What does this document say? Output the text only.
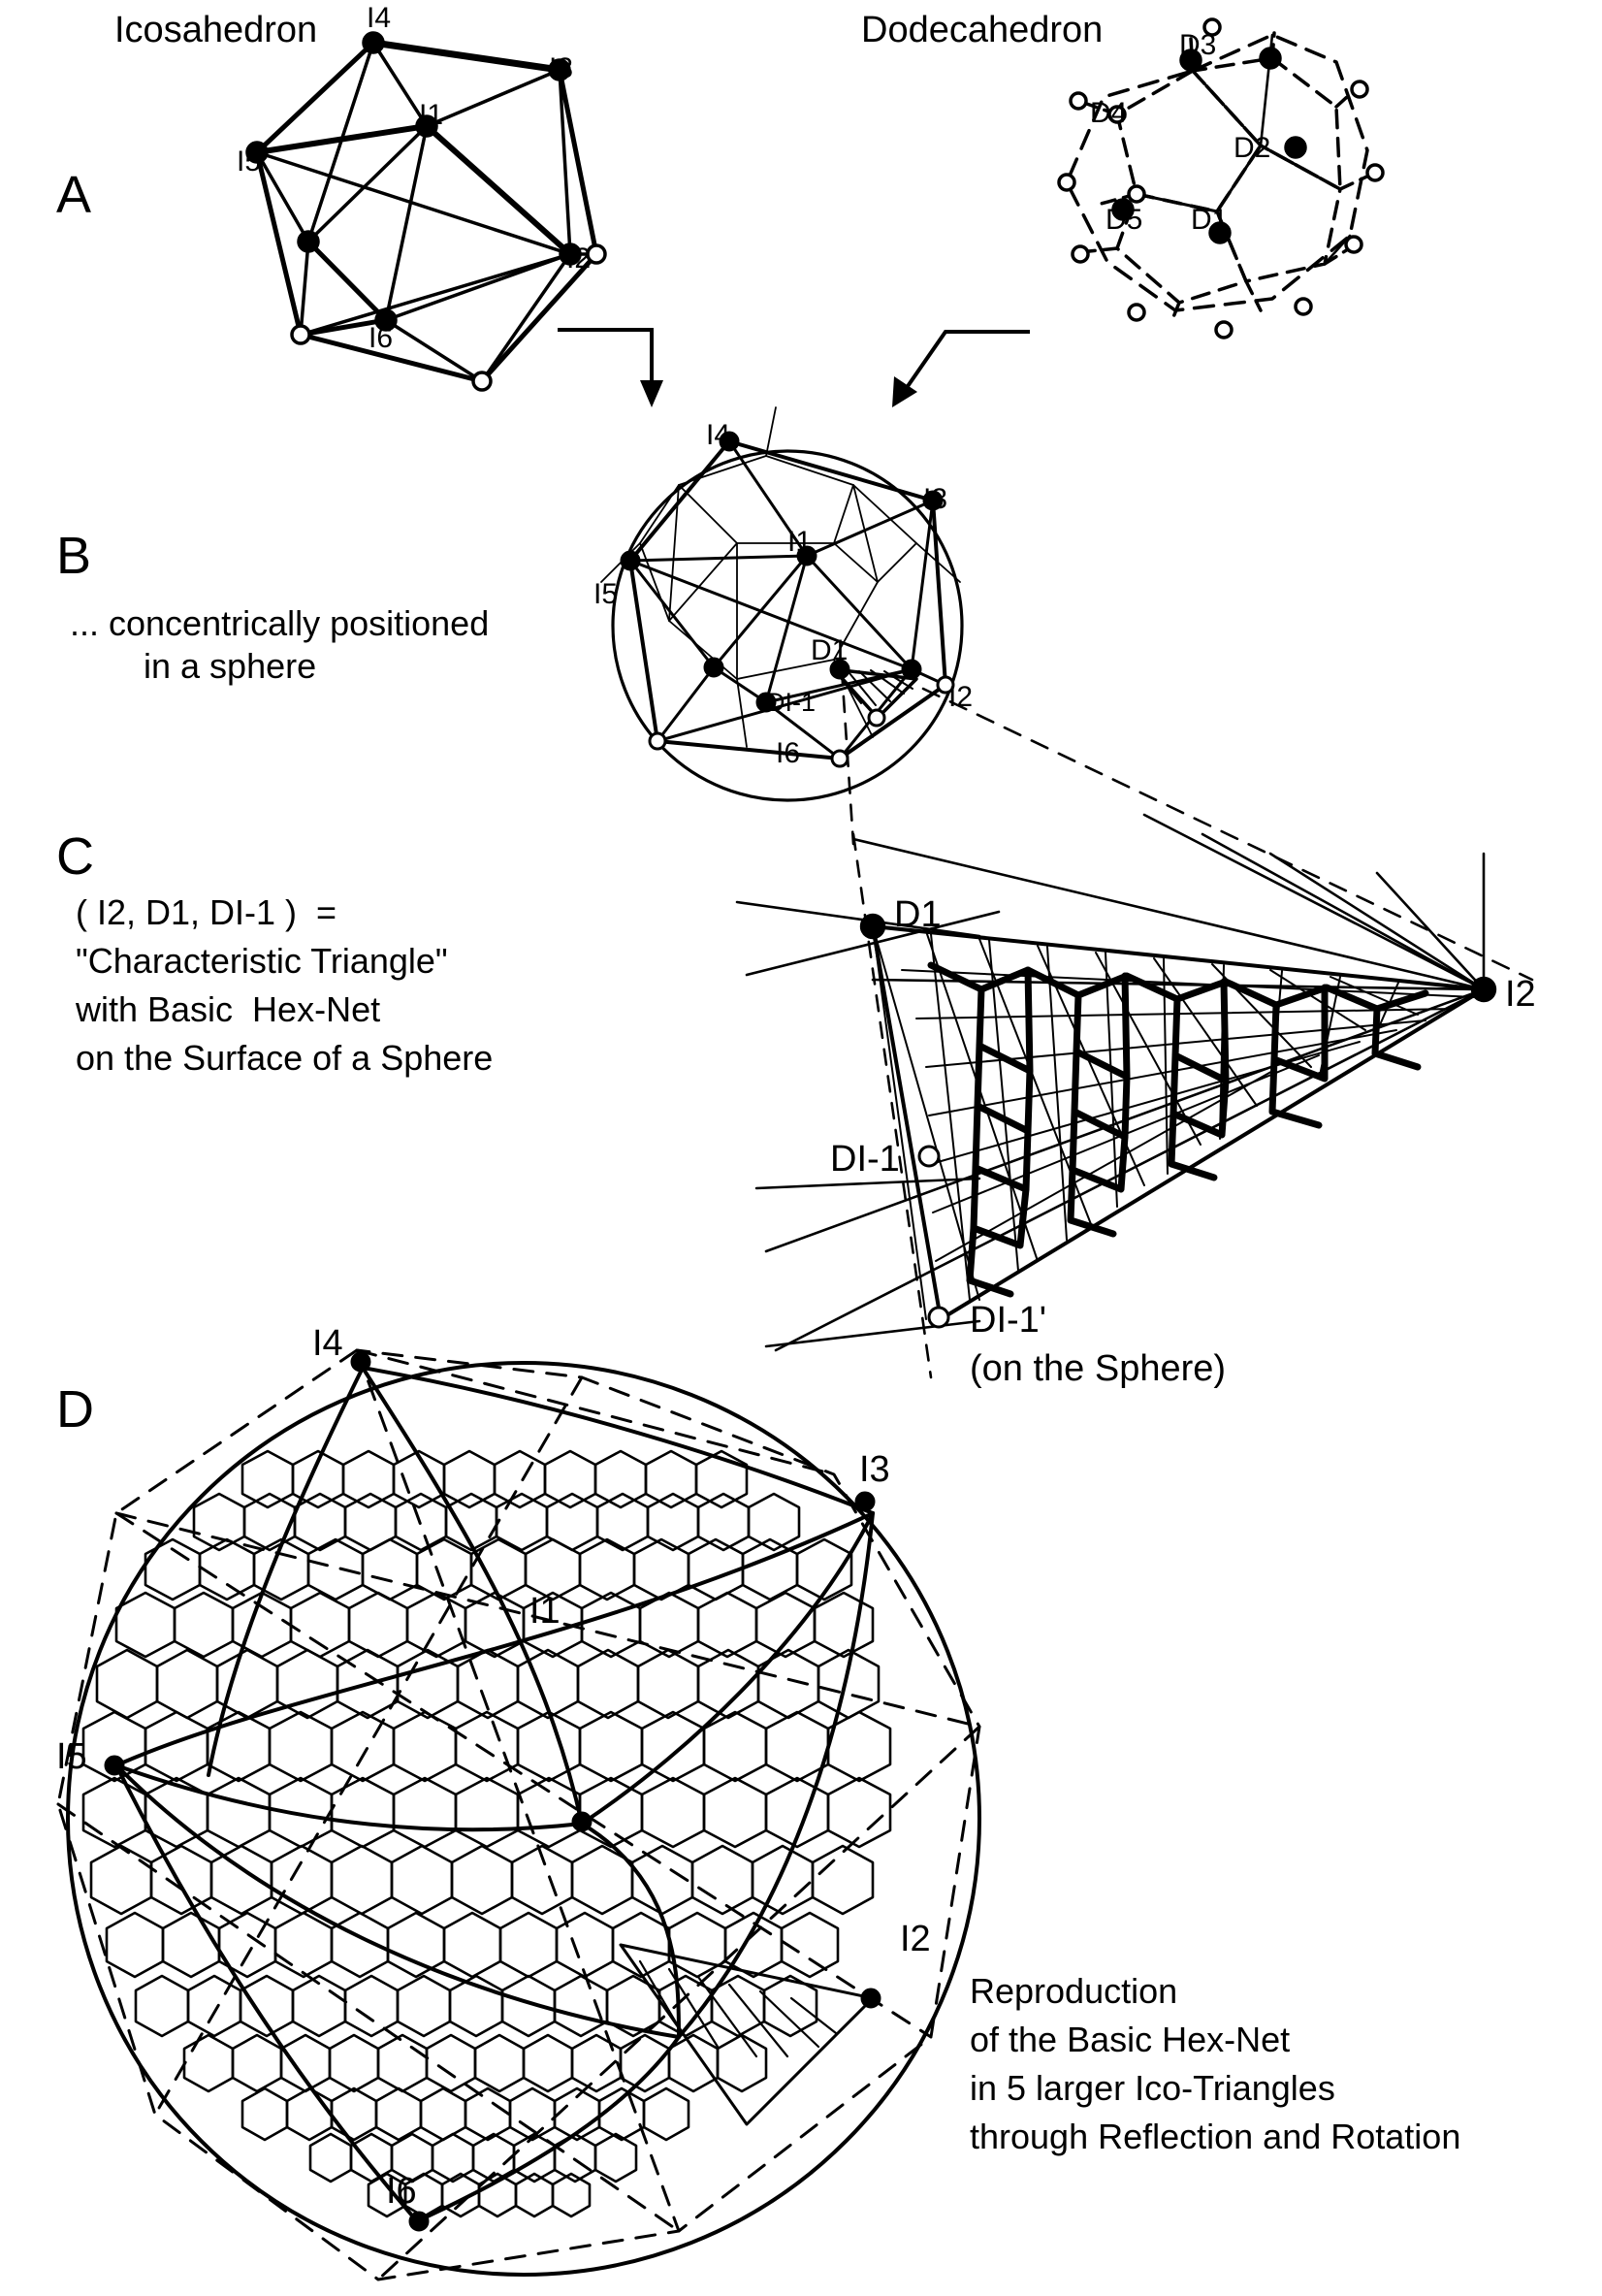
A
B
C
D
Icosahedron	Dodecahedron
I4
I3
I1
I5
I2
I6
D3
D4
D2
D5 D1
... concentrically positioned
in a sphere
I4
I3
I1
I5
D1
DI-1	I2
I6
( I2, D1, DI-1 )  =
"Characteristic Triangle"
with Basic  Hex-Net
on the Surface of a Sphere
D1
I2
DI-1
DI-1'
(on the Sphere)
I4
I3
I1
I5
I2
I6
Reproduction
of the Basic Hex-Net
in 5 larger Ico-Triangles
through Reflection and Rotation
